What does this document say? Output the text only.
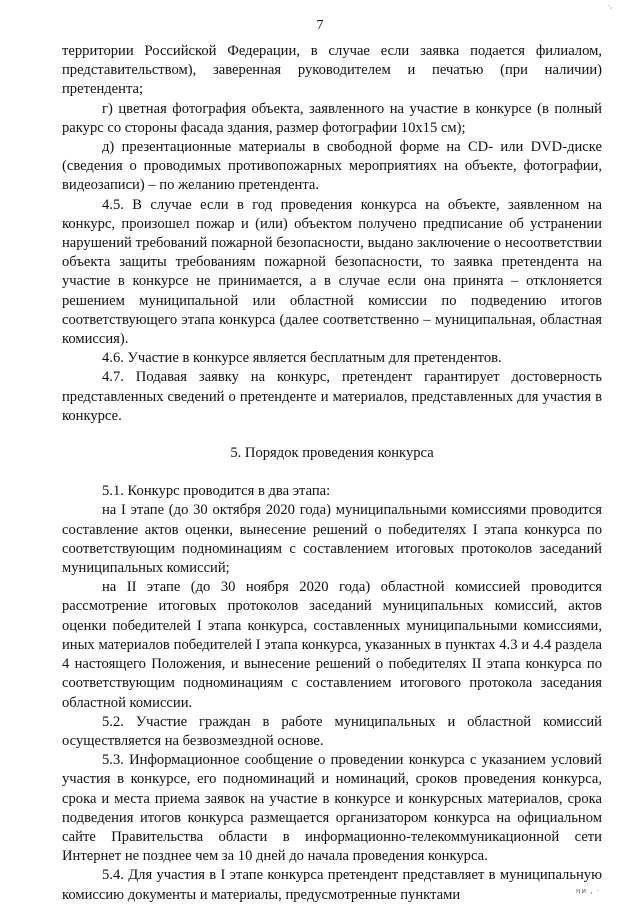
·,
7

территории Российской Федерации, в случае если заявка подается филиалом, представительством), заверенная руководителем и печатью (при наличии) претендента;

г) цветная фотография объекта, заявленного на участие в конкурсе (в полный ракурс со стороны фасада здания, размер фотографии 10х15 см);

д) презентационные материалы в свободной форме на CD- или DVD-диске (сведения о проводимых противопожарных мероприятиях на объекте, фотографии, видеозаписи) – по желанию претендента.

4.5. В случае если в год проведения конкурса на объекте, заявленном на конкурс, произошел пожар и (или) объектом получено предписание об устранении нарушений требований пожарной безопасности, выдано заключение о несоответствии объекта защиты требованиям пожарной безопасности, то заявка претендента на участие в конкурсе не принимается, а в случае если она принята – отклоняется решением муниципальной или областной комиссии по подведению итогов соответствующего этапа конкурса (далее соответственно – муниципальная, областная комиссия).

4.6. Участие в конкурсе является бесплатным для претендентов.

4.7. Подавая заявку на конкурс, претендент гарантирует достоверность представленных сведений о претенденте и материалов, представленных для участия в конкурсе.

5. Порядок проведения конкурса

5.1. Конкурс проводится в два этапа:

на I этапе (до 30 октября 2020 года) муниципальными комиссиями проводится составление актов оценки, вынесение решений о победителях I этапа конкурса по соответствующим подноминациям с составлением итоговых протоколов заседаний муниципальных комиссий;

на II этапе (до 30 ноября 2020 года) областной комиссией проводится рассмотрение итоговых протоколов заседаний муниципальных комиссий, актов оценки победителей I этапа конкурса, составленных муниципальными комиссиями, иных материалов победителей I этапа конкурса, указанных в пунктах 4.3 и 4.4 раздела 4 настоящего Положения, и вынесение решений о победителях II этапа конкурса по соответствующим подноминациям с составлением итогового протокола заседания областной комиссии.

5.2. Участие граждан в работе муниципальных и областной комиссий осуществляется на безвозмездной основе.

5.3. Информационное сообщение о проведении конкурса с указанием условий участия в конкурсе, его подноминаций и номинаций, сроков проведения конкурса, срока и места приема заявок на участие в конкурсе и конкурсных материалов, срока подведения итогов конкурса размещается организатором конкурса на официальном сайте Правительства области в информационно-телекоммуникационной сети Интернет не позднее чем за 10 дней до начала проведения конкурса.

5.4. Для участия в I этапе конкурса претендент представляет в муниципальную комиссию документы и материалы, предусмотренные пунктами	ни , ·
